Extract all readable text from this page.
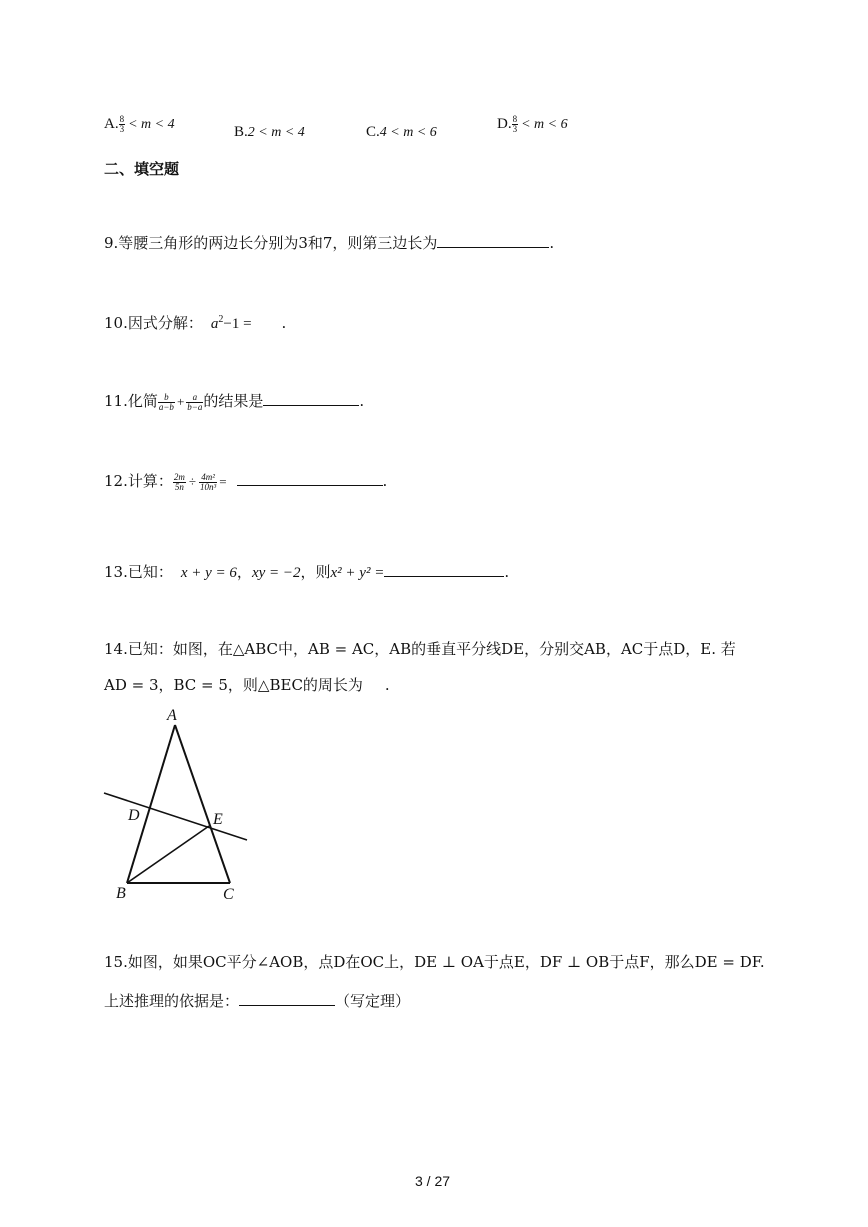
A. $\frac{8}{3} < m < 4$	B.2 < m < 4	C.4 < m < 6
D. $\frac{8}{3} < m < 6$
二、填空题
9.等腰三角形的两边长分别为3和7，则第三边长为	.
10.因式分解： $a^2-1$ = .
11.化简 $\frac{b}{a-b} + \frac{a}{b-a}$ 的结果是	.
12.计算： $\frac{2m}{5n} \div \frac{\text{4m²}}{\text{10n³}}$ =	.
13.已知： x + y = 6，xy = −2，则x² + y² =	.
14.已知：如图，在△ABC中，AB = AC，AB的垂直平分线DE，分别交AB，AC于点D，E. 若
AD = 3，BC = 5，则△BEC的周长为 .
A
B	C
D	E
15.如图，如果OC平分∠AOB，点D在OC上，DE ⊥ OA于点E，DF ⊥ OB于点F，那么DE = DF.
上述推理的依据是：	（写定理）
3 / 27
